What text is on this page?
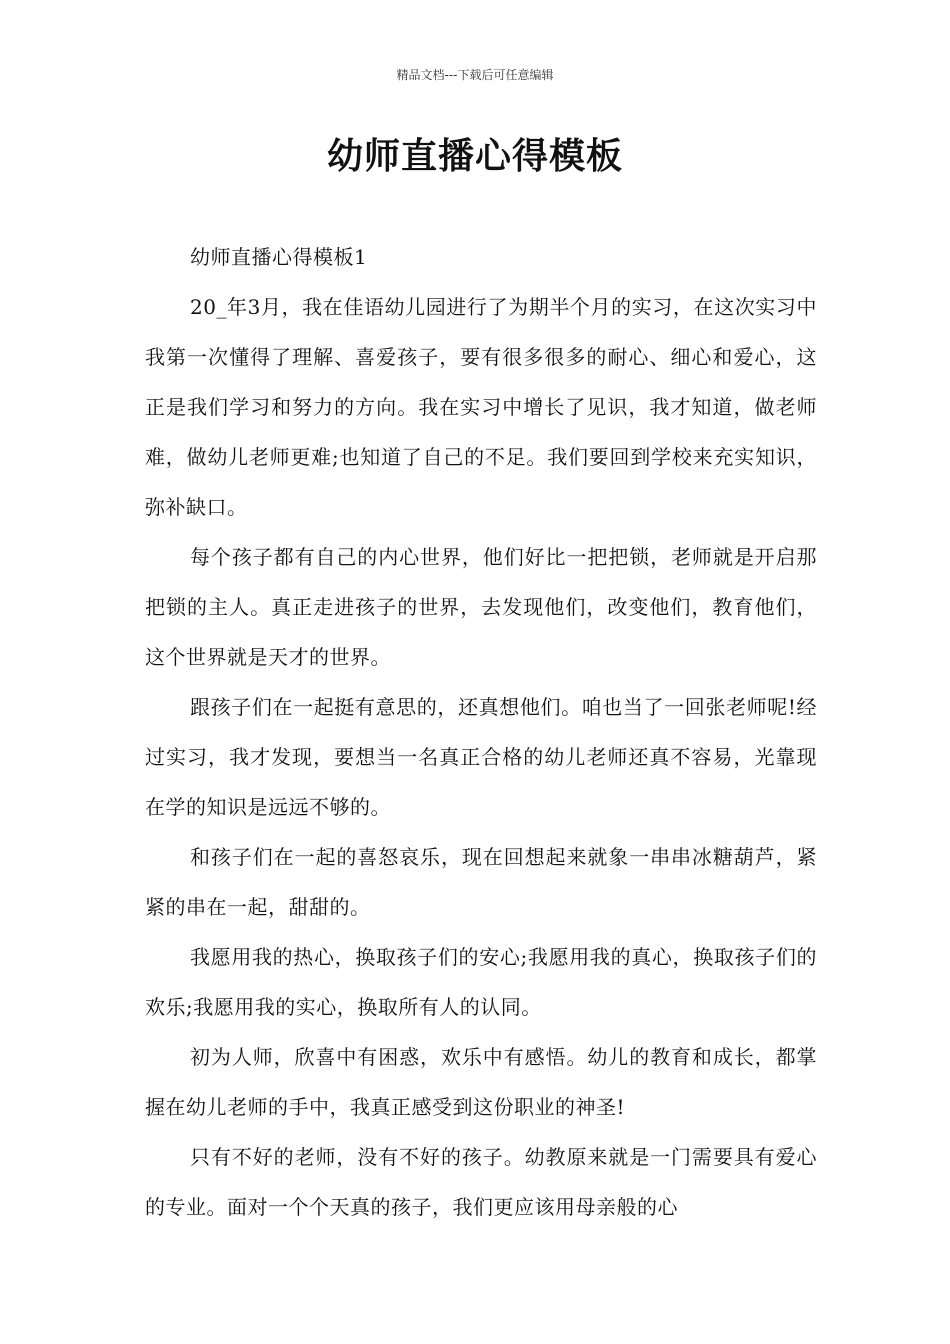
精品文档---下载后可任意编辑
幼师直播心得模板

幼师直播心得模板1

20_年3月，我在佳语幼儿园进行了为期半个月的实习，在这次实习中我第一次懂得了理解、喜爱孩子，要有很多很多的耐心、细心和爱心，这正是我们学习和努力的方向。我在实习中增长了见识，我才知道，做老师难，做幼儿老师更难;也知道了自己的不足。我们要回到学校来充实知识，弥补缺口。

每个孩子都有自己的内心世界，他们好比一把把锁，老师就是开启那把锁的主人。真正走进孩子的世界，去发现他们，改变他们，教育他们，这个世界就是天才的世界。

跟孩子们在一起挺有意思的，还真想他们。咱也当了一回张老师呢!经过实习，我才发现，要想当一名真正合格的幼儿老师还真不容易，光靠现在学的知识是远远不够的。

和孩子们在一起的喜怒哀乐，现在回想起来就象一串串冰糖葫芦，紧紧的串在一起，甜甜的。

我愿用我的热心，换取孩子们的安心;我愿用我的真心，换取孩子们的欢乐;我愿用我的实心，换取所有人的认同。

初为人师，欣喜中有困惑，欢乐中有感悟。幼儿的教育和成长，都掌握在幼儿老师的手中，我真正感受到这份职业的神圣!

只有不好的老师，没有不好的孩子。幼教原来就是一门需要具有爱心的专业。面对一个个天真的孩子，我们更应该用母亲般的心
